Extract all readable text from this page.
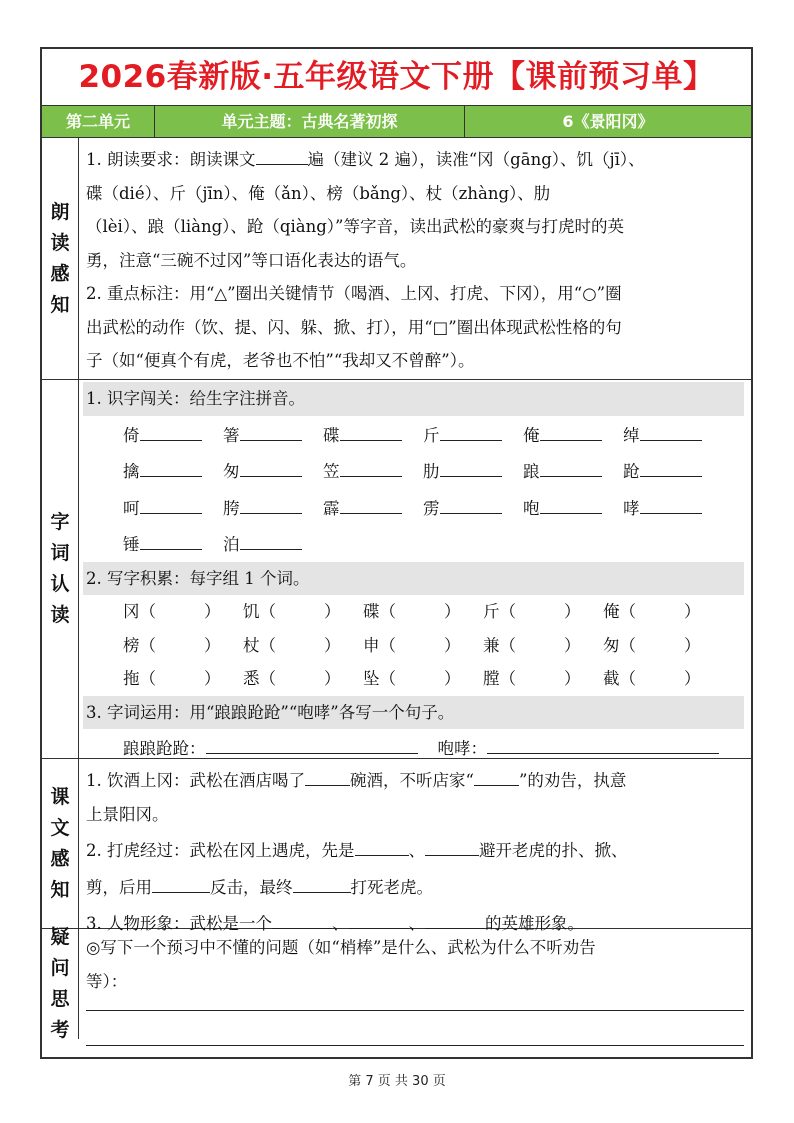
2026春新版·五年级语文下册【课前预习单】
第二单元	单元主题：古典名著初探	6《景阳冈》
朗
读
感
知
1. 朗读要求：朗读课文	遍（建议 2 遍），读准“冈（gāng）、饥（jī）、
碟（dié）、斤（jīn）、俺（ǎn）、榜（bǎng）、杖（zhàng）、肋
（lèi）、踉（liàng）、跄（qiàng）”等字音，读出武松的豪爽与打虎时的英
勇，注意“三碗不过冈”等口语化表达的语气。
2. 重点标注：用“△”圈出关键情节（喝酒、上冈、打虎、下冈），用“○”圈
出武松的动作（饮、提、闪、躲、掀、打），用“□”圈出体现武松性格的句
子（如“便真个有虎，老爷也不怕”“我却又不曾醉”）。
字
词
认
读
1. 识字闯关：给生字注拼音。
倚	箸	碟	斤	俺	绰
擒	匆	笠	肋	踉	跄
呵	胯	霹	雳	咆	哮
锤	泊
2. 写字积累：每字组 1 个词。
冈（	）	饥（	）	碟（	）	斤（	）	俺（	）
榜（	）	杖（	）	申（	）	兼（	）	匆（	）
拖（	）	悉（	）	坠（	）	膛（	）	截（	）
3. 字词运用：用“踉踉跄跄”“咆哮”各写一个句子。
踉踉跄跄：	咆哮：
课
文
感
知
1. 饮酒上冈：武松在酒店喝了	碗酒，不听店家“	”的劝告，执意
上景阳冈。
2. 打虎经过：武松在冈上遇虎，先是	、	避开老虎的扑、掀、
剪，后用	反击，最终	打死老虎。
3. 人物形象：武松是一个	、	、	的英雄形象。
疑
问
思
考
◎写下一个预习中不懂的问题（如“梢棒”是什么、武松为什么不听劝告
等）：
第 7 页 共 30 页
